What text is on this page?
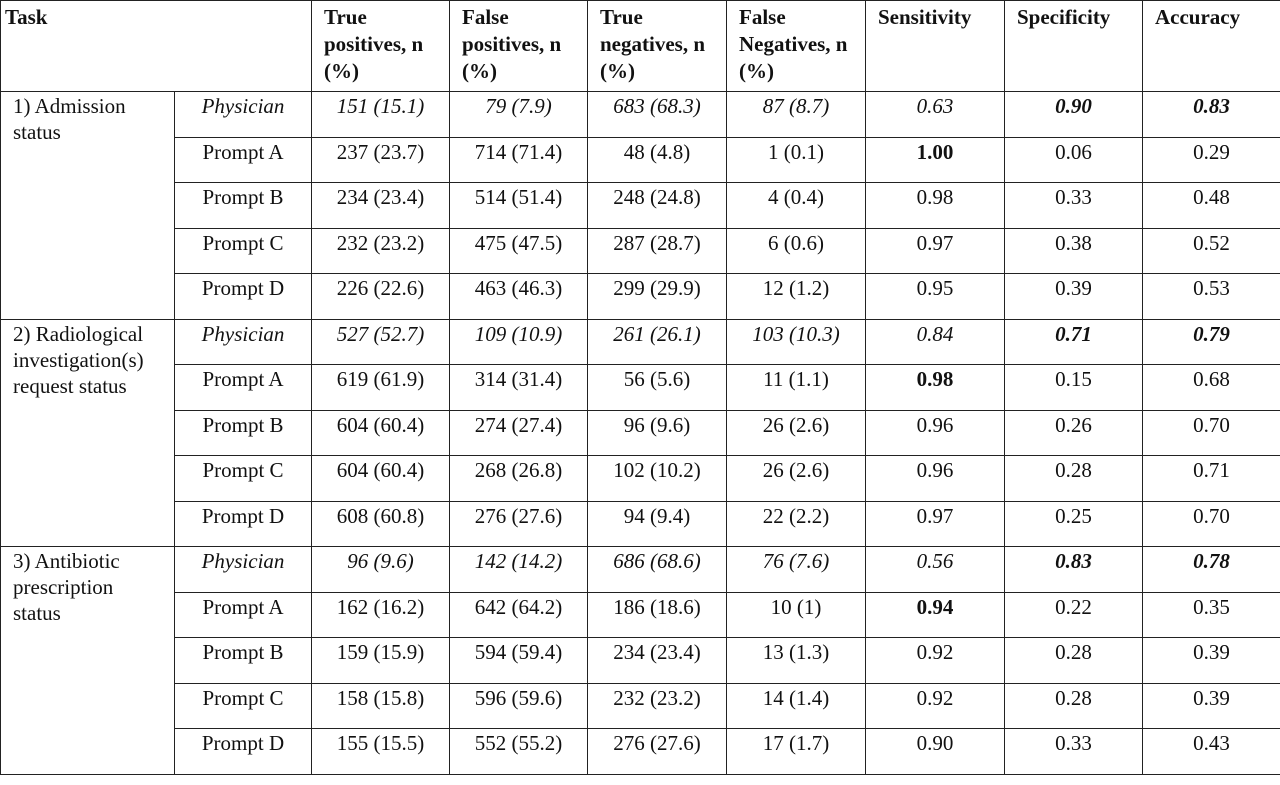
Task		True positives, n (%)	False positives, n (%)	True negatives, n (%)	False Negatives, n (%)	Sensitivity	Specificity	Accuracy
1) Admission status	Physician	151 (15.1)	79 (7.9)	683 (68.3)	87 (8.7)	0.63	0.90	0.83
	Prompt A	237 (23.7)	714 (71.4)	48 (4.8)	1 (0.1)	1.00	0.06	0.29
	Prompt B	234 (23.4)	514 (51.4)	248 (24.8)	4 (0.4)	0.98	0.33	0.48
	Prompt C	232 (23.2)	475 (47.5)	287 (28.7)	6 (0.6)	0.97	0.38	0.52
	Prompt D	226 (22.6)	463 (46.3)	299 (29.9)	12 (1.2)	0.95	0.39	0.53
2) Radiological investigation(s) request status	Physician	527 (52.7)	109 (10.9)	261 (26.1)	103 (10.3)	0.84	0.71	0.79
	Prompt A	619 (61.9)	314 (31.4)	56 (5.6)	11 (1.1)	0.98	0.15	0.68
	Prompt B	604 (60.4)	274 (27.4)	96 (9.6)	26 (2.6)	0.96	0.26	0.70
	Prompt C	604 (60.4)	268 (26.8)	102 (10.2)	26 (2.6)	0.96	0.28	0.71
	Prompt D	608 (60.8)	276 (27.6)	94 (9.4)	22 (2.2)	0.97	0.25	0.70
3) Antibiotic prescription status	Physician	96 (9.6)	142 (14.2)	686 (68.6)	76 (7.6)	0.56	0.83	0.78
	Prompt A	162 (16.2)	642 (64.2)	186 (18.6)	10 (1)	0.94	0.22	0.35
	Prompt B	159 (15.9)	594 (59.4)	234 (23.4)	13 (1.3)	0.92	0.28	0.39
	Prompt C	158 (15.8)	596 (59.6)	232 (23.2)	14 (1.4)	0.92	0.28	0.39
	Prompt D	155 (15.5)	552 (55.2)	276 (27.6)	17 (1.7)	0.90	0.33	0.43
